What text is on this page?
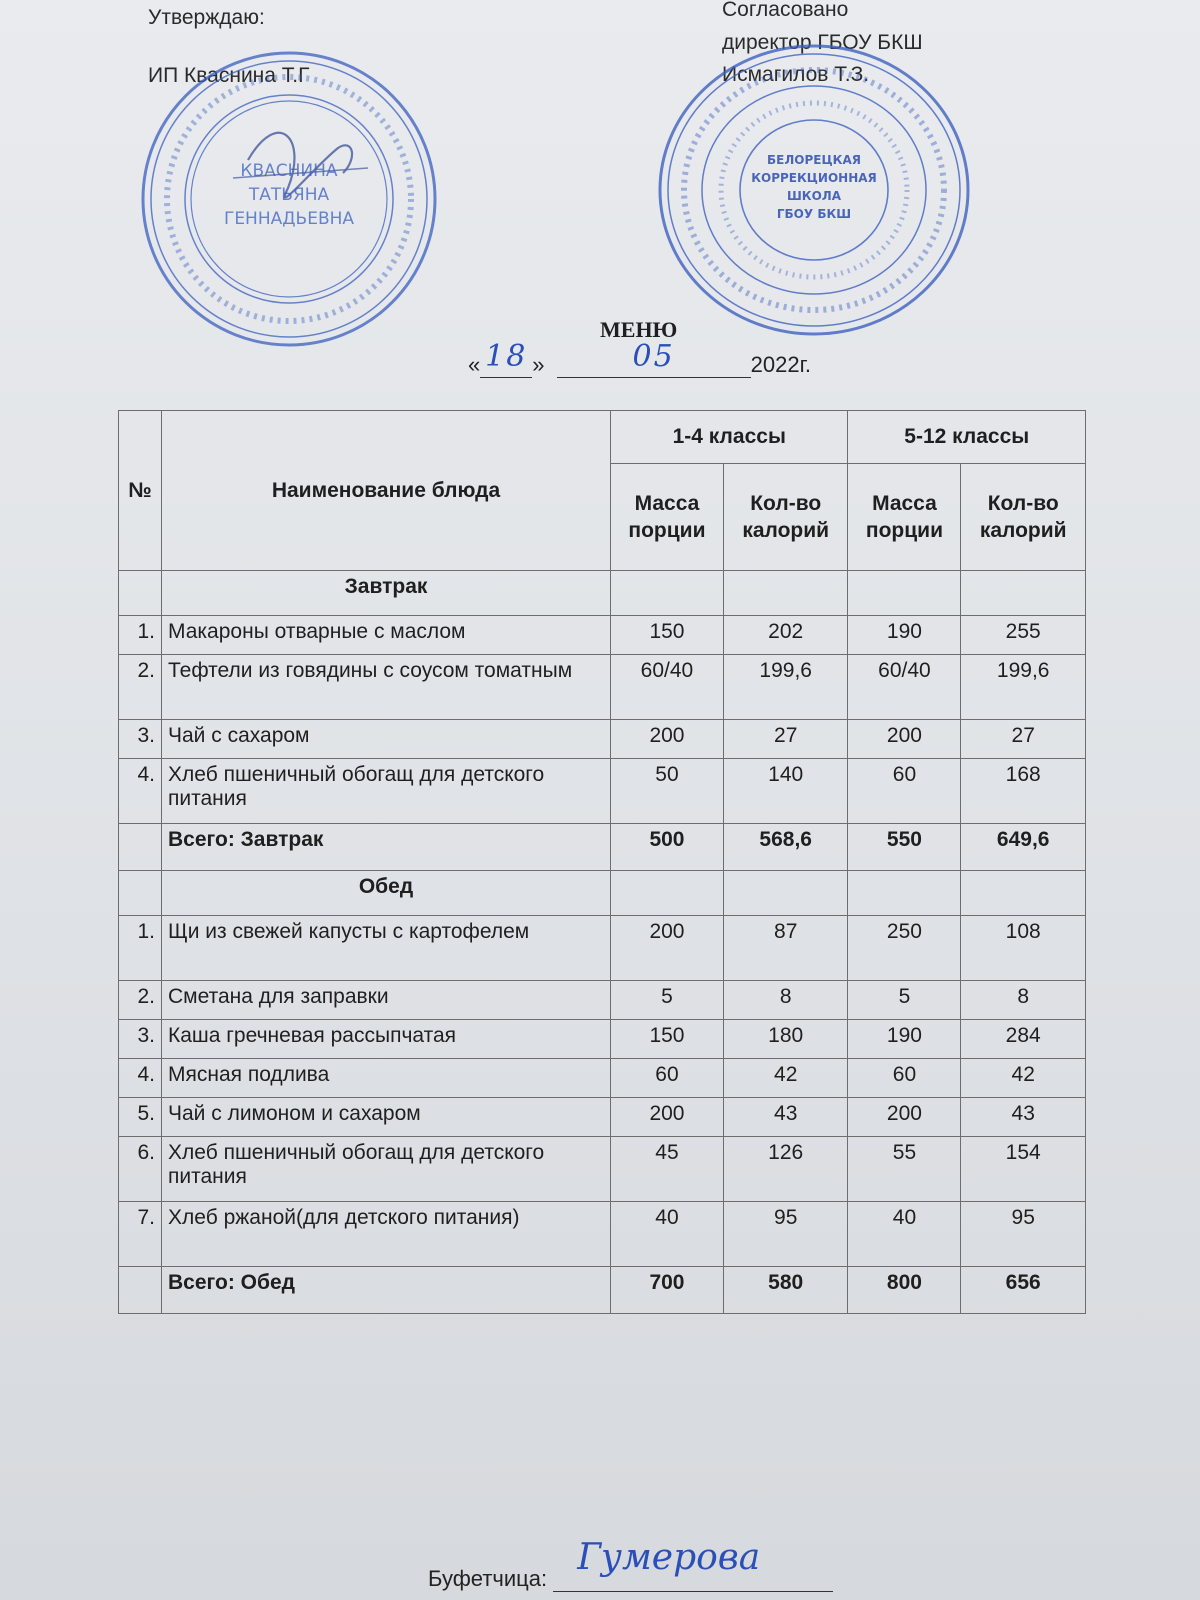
Утверждаю:
ИП Кваснина Т.Г
Согласовано
директор ГБОУ БКШ
Исмагилов Т.З.
КВАСНИНА
ТАТЬЯНА
ГЕННАДЬЕВНА
БЕЛОРЕЦКАЯ
КОРРЕКЦИОННАЯ
ШКОЛА
ГБОУ БКШ
МЕНЮ
« 18 »	05	2022г.
№	Наименование блюда	1-4 классы		5-12 классы	
		Масса порции	Кол-во калорий	Масса порции	Кол-во калорий
	Завтрак				
1.	Макароны отварные с маслом	150	202	190	255
2.	Тефтели из говядины с соусом томатным	60/40	199,6	60/40	199,6
3.	Чай с сахаром	200	27	200	27
4.	Хлеб пшеничный обогащ для детского питания	50	140	60	168
	Всего: Завтрак	500	568,6	550	649,6
	Обед				
1.	Щи из свежей капусты с картофелем	200	87	250	108
2.	Сметана для заправки	5	8	5	8
3.	Каша гречневая рассыпчатая	150	180	190	284
4.	Мясная подлива	60	42	60	42
5.	Чай с лимоном и сахаром	200	43	200	43
6.	Хлеб пшеничный обогащ для детского питания	45	126	55	154
7.	Хлеб ржаной(для детского питания)	40	95	40	95
	Всего: Обед	700	580	800	656
Буфетчица:
Гумерова
